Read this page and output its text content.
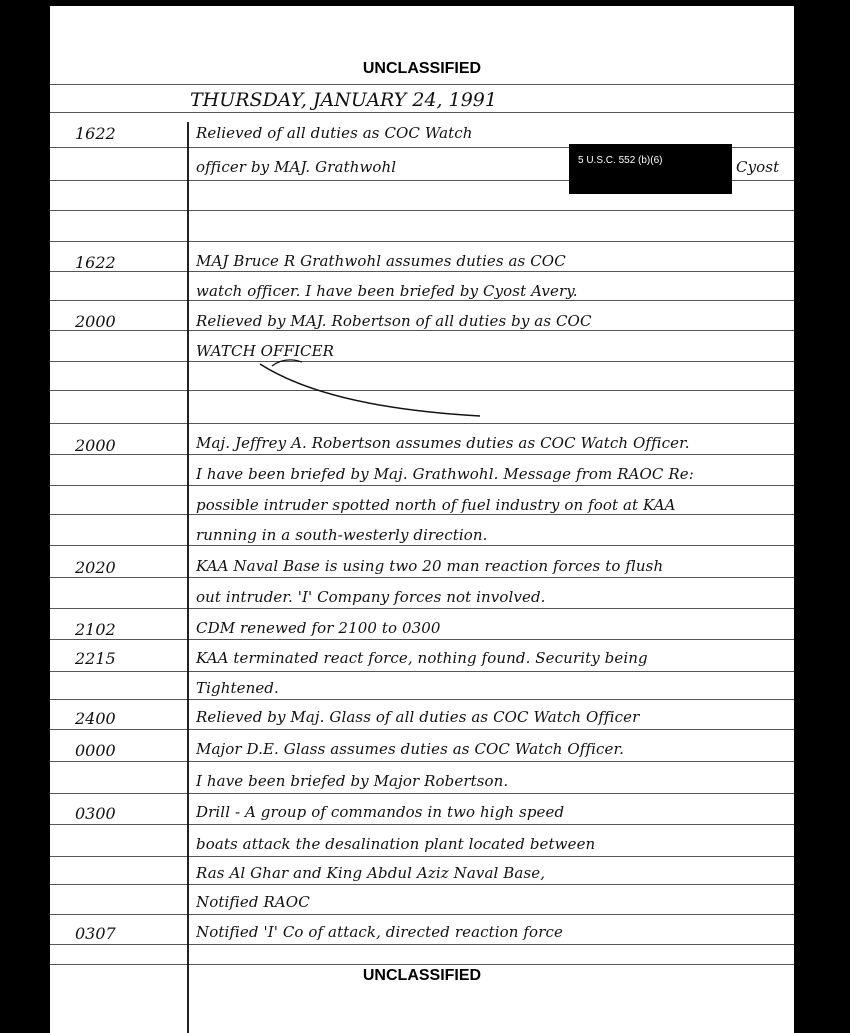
UNCLASSIFIED
THURSDAY, JANUARY 24, 1991
1622	Relieved of all duties as COC Watch
officer by MAJ. Grathwohl	Cyost
5 U.S.C. 552 (b)(6)
1622	MAJ Bruce R Grathwohl assumes duties as COC
watch officer. I have been briefed by Cyost Avery.
2000	Relieved by MAJ. Robertson of all duties by as COC
WATCH OFFICER
2000	Maj. Jeffrey A. Robertson assumes duties as COC Watch Officer.
I have been briefed by Maj. Grathwohl. Message from RAOC Re:
possible intruder spotted north of fuel industry on foot at KAA
running in a south-westerly direction.
2020	KAA Naval Base is using two 20 man reaction forces to flush
out intruder. 'I' Company forces not involved.
2102	CDM renewed for 2100 to 0300
2215	KAA terminated react force, nothing found. Security being
Tightened.
2400	Relieved by Maj. Glass of all duties as COC Watch Officer
0000	Major D.E. Glass assumes duties as COC Watch Officer.
I have been briefed by Major Robertson.
0300	Drill - A group of commandos in two high speed
boats attack the desalination plant located between
Ras Al Ghar and King Abdul Aziz Naval Base,
Notified RAOC
0307	Notified 'I' Co of attack, directed reaction force
UNCLASSIFIED
